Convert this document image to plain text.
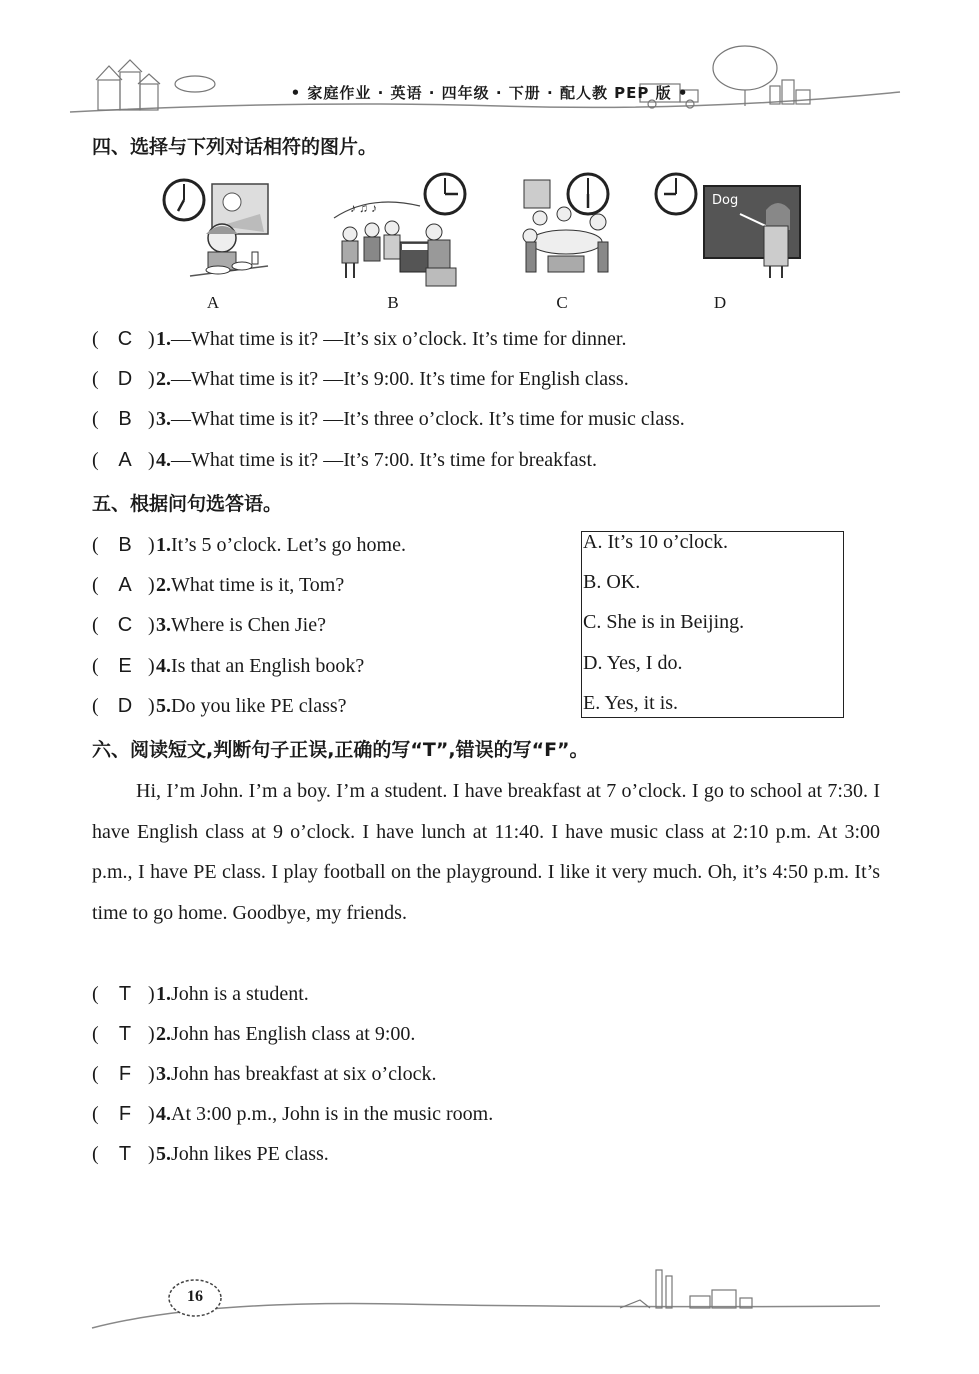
• 家庭作业 · 英语 · 四年级 · 下册 · 配人教 PEP 版 •
四、选择与下列对话相符的图片。
♪ ♫ ♪	Dog
A	B	C	D
( C ) 1.—What time is it? —It’s six o’clock. It’s time for dinner.
( D ) 2.—What time is it? —It’s 9:00. It’s time for English class.
( B ) 3.—What time is it? —It’s three o’clock. It’s time for music class.
( A ) 4.—What time is it? —It’s 7:00. It’s time for breakfast.
五、根据问句选答语。
( B ) 1.It’s 5 o’clock. Let’s go home.
( A ) 2.What time is it, Tom?
( C ) 3.Where is Chen Jie?
( E ) 4.Is that an English book?
( D ) 5.Do you like PE class?
A. It’s 10 o’clock.
B. OK.
C. She is in Beijing.
D. Yes, I do.
E. Yes, it is.
六、阅读短文,判断句子正误,正确的写“T”,错误的写“F”。
Hi, I’m John. I’m a boy. I’m a student. I have breakfast at 7 o’clock. I go to school at 7:30. I have English class at 9 o’clock. I have lunch at 11:40. I have music class at 2:10 p.m. At 3:00 p.m., I have PE class. I play football on the playground. I like it very much. Oh, it’s 4:50 p.m. It’s time to go home. Goodbye, my friends.
( T ) 1.John is a student.
( T ) 2.John has English class at 9:00.
( F ) 3.John has breakfast at six o’clock.
( F ) 4.At 3:00 p.m., John is in the music room.
( T ) 5.John likes PE class.
16
